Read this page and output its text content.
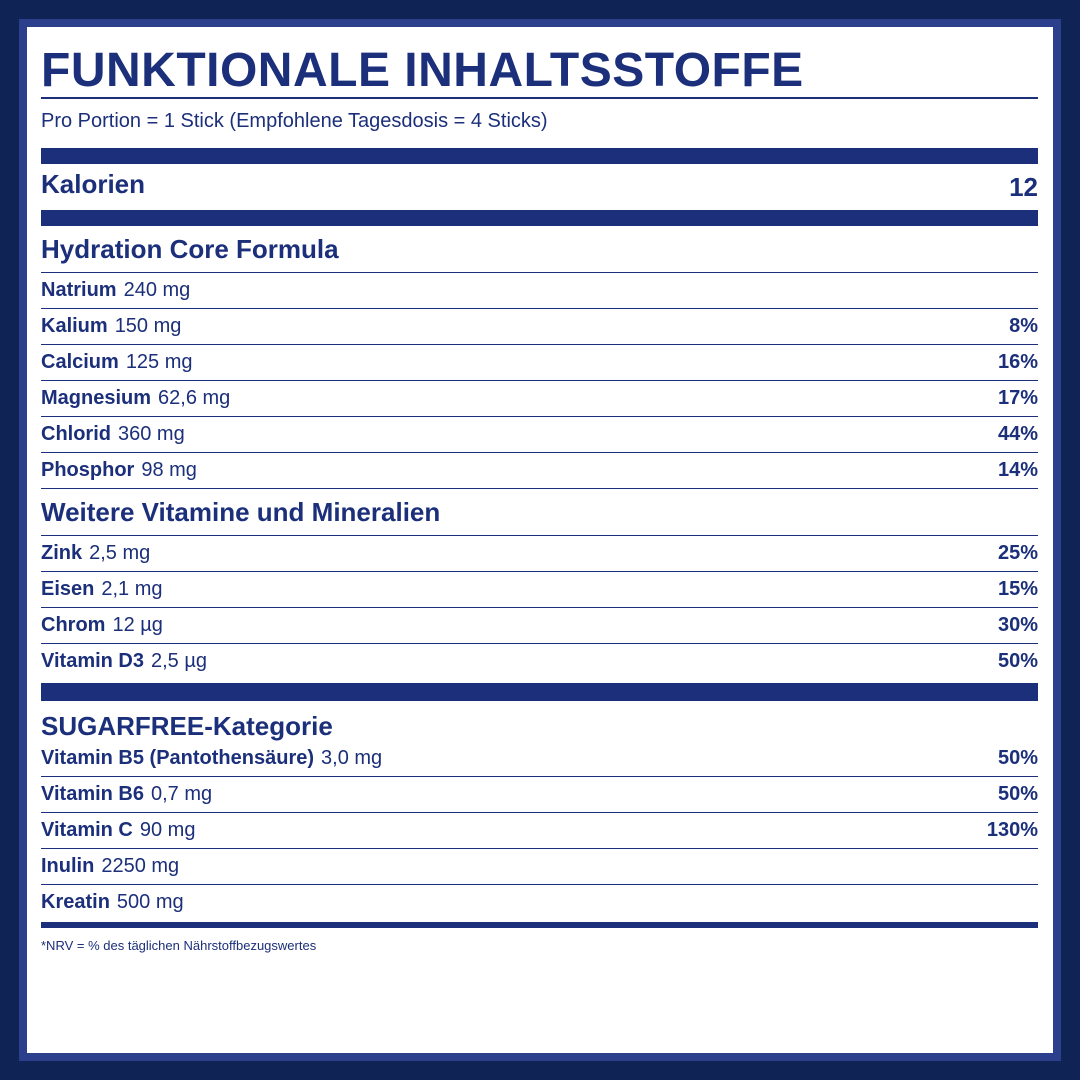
FUNKTIONALE INHALTSSTOFFE
Pro Portion = 1 Stick (Empfohlene Tagesdosis = 4 Sticks)
Kalorien	12
Hydration Core Formula
Natrium 240 mg
Kalium 150 mg	8%
Calcium 125 mg	16%
Magnesium 62,6 mg	17%
Chlorid 360 mg	44%
Phosphor 98 mg	14%
Weitere Vitamine und Mineralien
Zink 2,5 mg	25%
Eisen 2,1 mg	15%
Chrom 12 µg	30%
Vitamin D3 2,5 µg	50%
SUGARFREE-Kategorie
Vitamin B5 (Pantothensäure) 3,0 mg	50%
Vitamin B6 0,7 mg	50%
Vitamin C 90 mg	130%
Inulin 2250 mg
Kreatin 500 mg
*NRV = % des täglichen Nährstoffbezugswertes
